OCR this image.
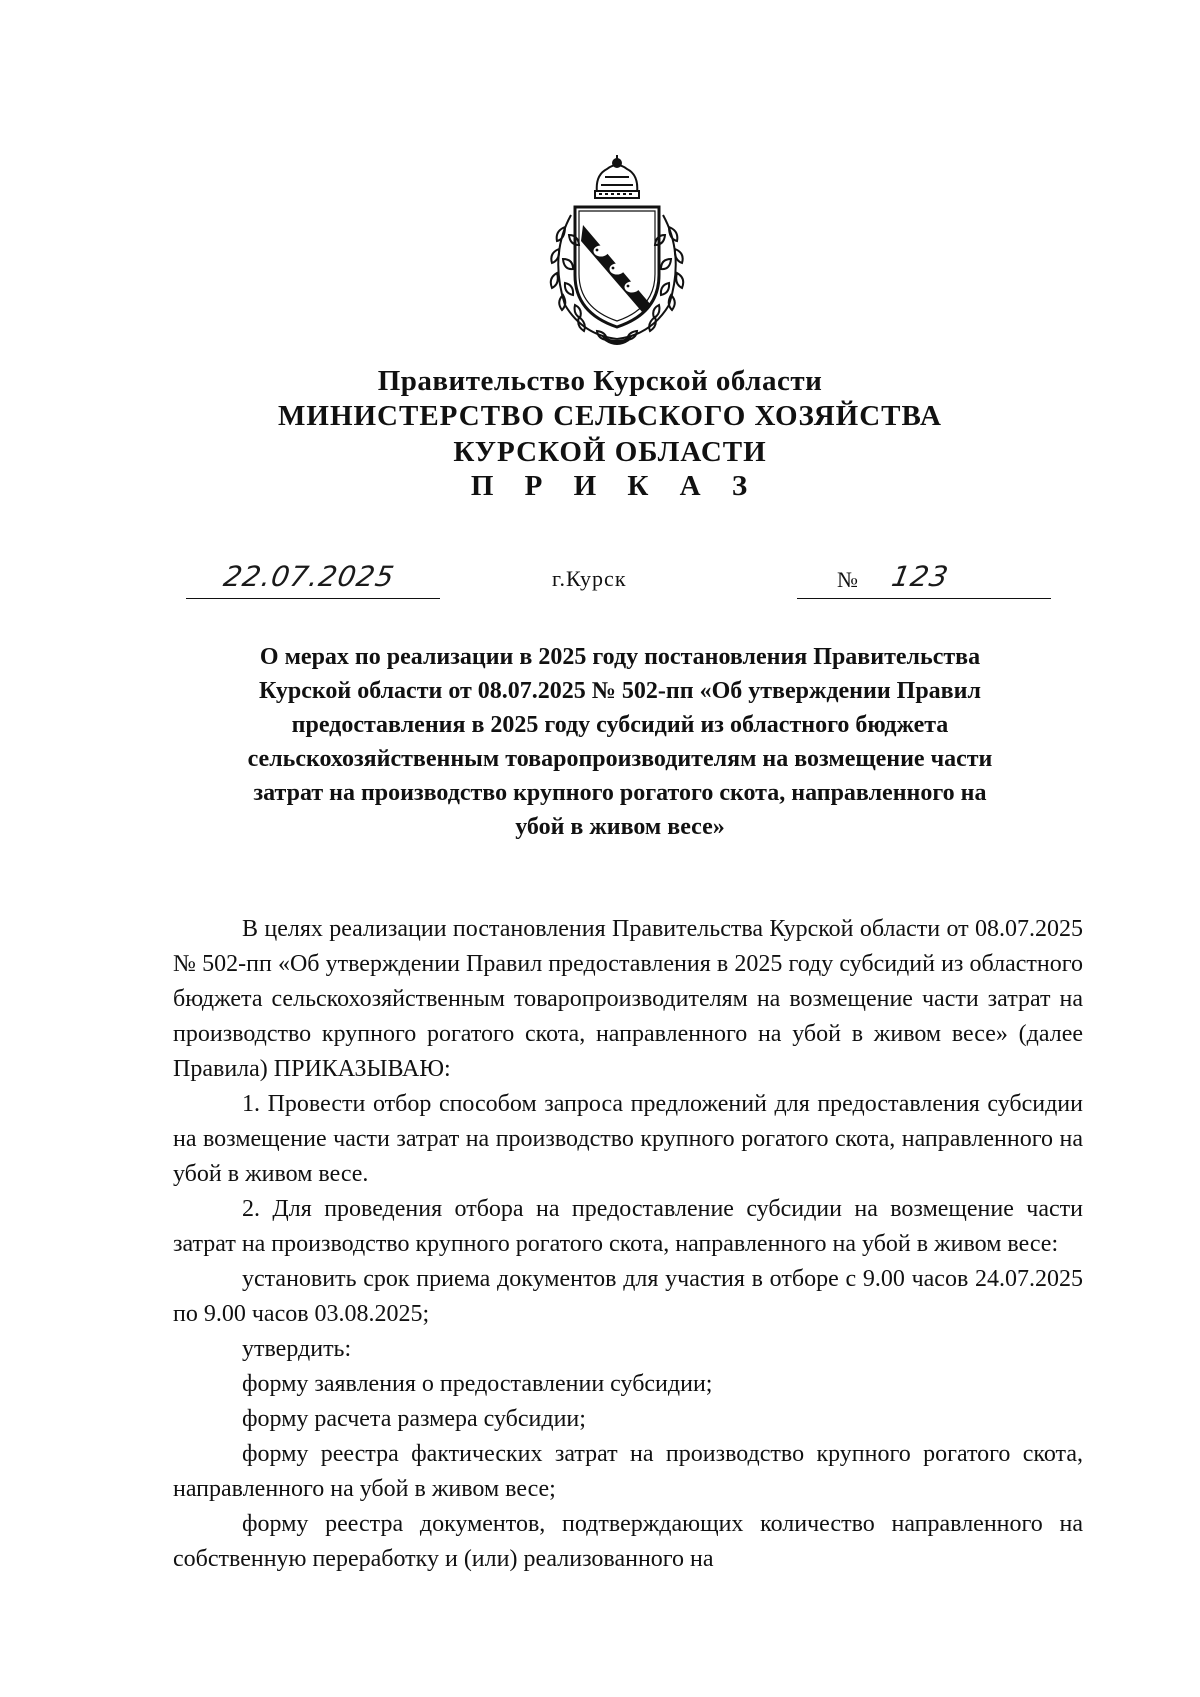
Правительство Курской области
МИНИСТЕРСТВО СЕЛЬСКОГО ХОЗЯЙСТВА
КУРСКОЙ ОБЛАСТИ
П Р И К А З
22.07.2025	г.Курск	№ 123
О мерах по реализации в 2025 году постановления Правительства
Курской области от 08.07.2025 № 502-пп «Об утверждении Правил
предоставления в 2025 году субсидий из областного бюджета
сельскохозяйственным товаропроизводителям на возмещение части
затрат на производство крупного рогатого скота, направленного на
убой в живом весе»

В целях реализации постановления Правительства Курской области от 08.07.2025 № 502-пп «Об утверждении Правил предоставления в 2025 году субсидий из областного бюджета сельскохозяйственным товаропроизводителям на возмещение части затрат на производство крупного рогатого скота, направленного на убой в живом весе» (далее Правила) ПРИКАЗЫВАЮ:

1. Провести отбор способом запроса предложений для предоставления субсидии на возмещение части затрат на производство крупного рогатого скота, направленного на убой в живом весе.

2. Для проведения отбора на предоставление субсидии на возмещение части затрат на производство крупного рогатого скота, направленного на убой в живом весе:

установить срок приема документов для участия в отборе с 9.00 часов 24.07.2025 по 9.00 часов 03.08.2025;

утвердить:

форму заявления о предоставлении субсидии;

форму расчета размера субсидии;

форму реестра фактических затрат на производство крупного рогатого скота, направленного на убой в живом весе;

форму реестра документов, подтверждающих количество направленного на собственную переработку и (или) реализованного на
